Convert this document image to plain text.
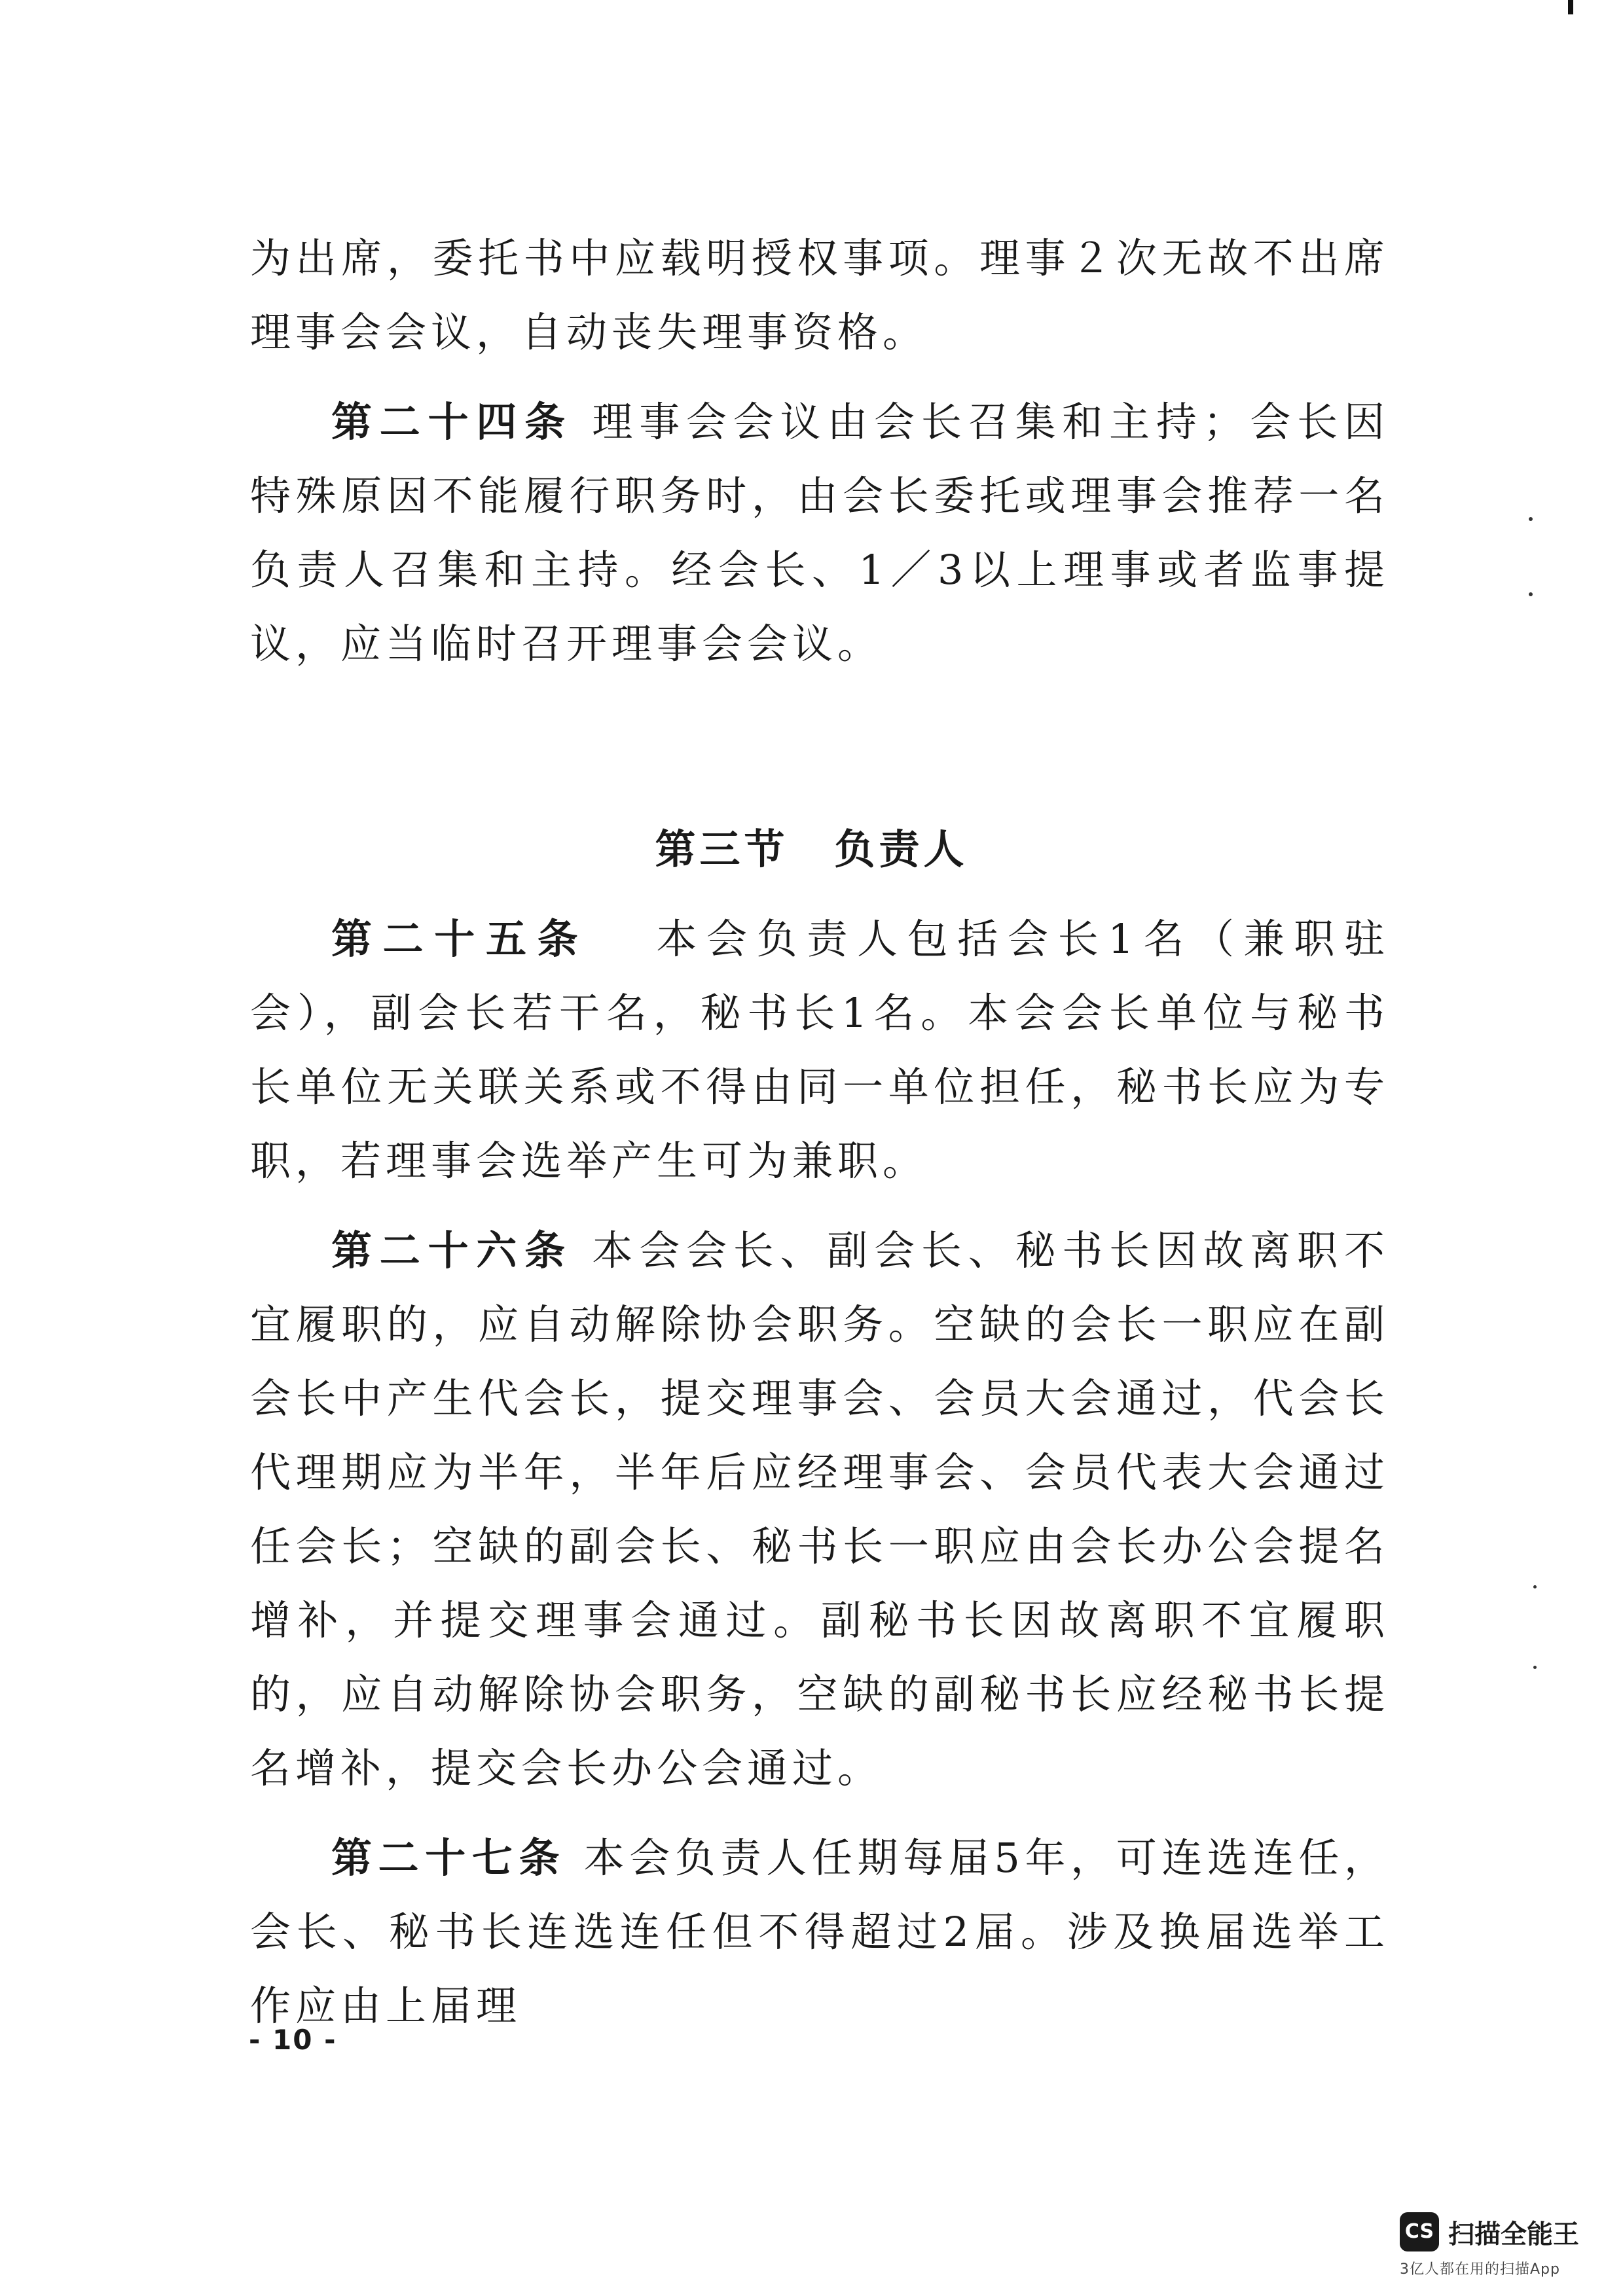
为出席，委托书中应载明授权事项。理事２次无故不出席理事会会议，自动丧失理事资格。

第二十四条 理事会会议由会长召集和主持；会长因特殊原因不能履行职务时，由会长委托或理事会推荐一名负责人召集和主持。经会长、1／3以上理事或者监事提议，应当临时召开理事会会议。

第三节 负责人

第二十五条 本会负责人包括会长1名（兼职驻会），副会长若干名，秘书长1名。本会会长单位与秘书长单位无关联关系或不得由同一单位担任，秘书长应为专职，若理事会选举产生可为兼职。

第二十六条 本会会长、副会长、秘书长因故离职不宜履职的，应自动解除协会职务。空缺的会长一职应在副会长中产生代会长，提交理事会、会员大会通过，代会长代理期应为半年，半年后应经理事会、会员代表大会通过任会长；空缺的副会长、秘书长一职应由会长办公会提名增补，并提交理事会通过。副秘书长因故离职不宜履职的，应自动解除协会职务，空缺的副秘书长应经秘书长提名增补，提交会长办公会通过。

第二十七条 本会负责人任期每届5年，可连选连任，会长、秘书长连选连任但不得超过2届。涉及换届选举工作应由上届理

- 10 -
CS 扫描全能王
3亿人都在用的扫描App
